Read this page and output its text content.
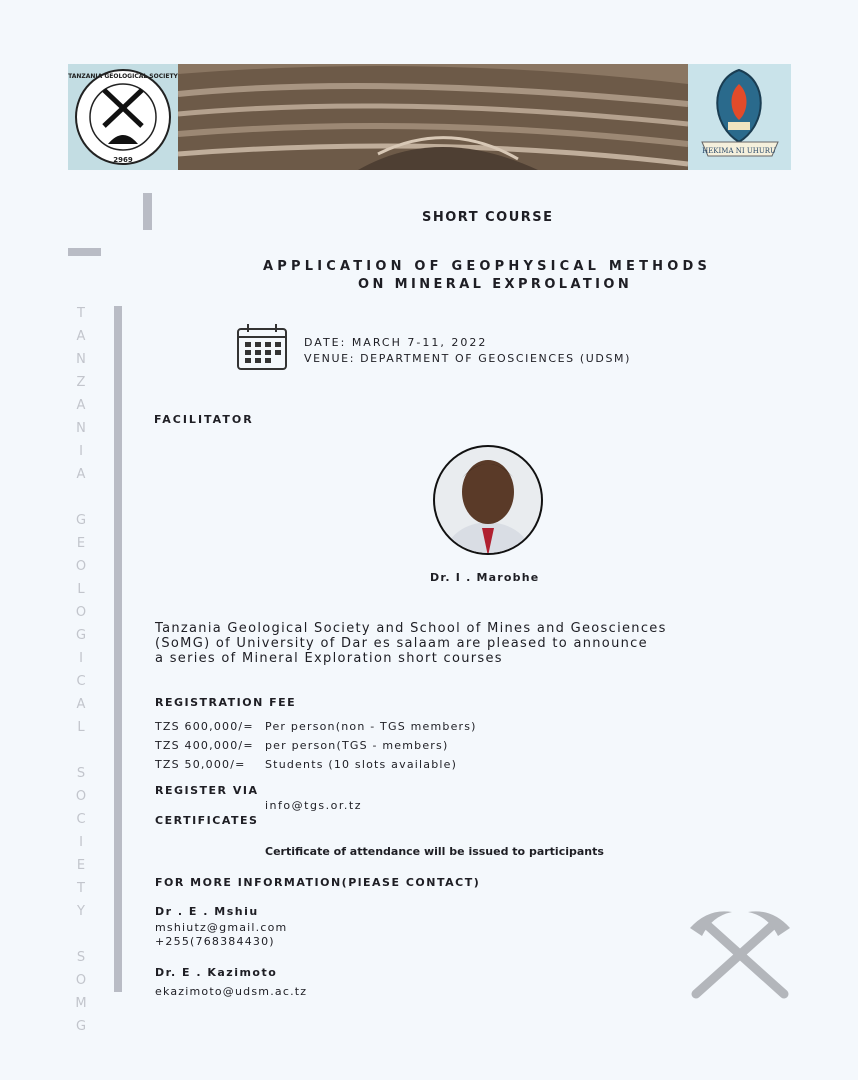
2969
TANZANIA GEOLOGICAL SOCIETY
HEKIMA NI UHURU
T
A
N
Z
A
N
I
A
G
E
O
L
O
G
I
C
A
L
S
O
C
I
E
T
Y
S
O
M
G
SHORT COURSE
APPLICATION OF GEOPHYSICAL METHODS
ON MINERAL EXPROLATION
DATE: MARCH 7-11, 2022
VENUE: DEPARTMENT OF GEOSCIENCES (UDSM)
FACILITATOR
Dr. I . Marobhe
Tanzania Geological Society and School of Mines and Geosciences
(SoMG) of University of Dar es salaam are pleased to announce
a series of Mineral Exploration short courses
REGISTRATION FEE
TZS 600,000/= Per person(non - TGS members)
TZS 400,000/= per person(TGS - members)
TZS 50,000/= Students (10 slots available)
REGISTER VIA
info@tgs.or.tz
CERTIFICATES
Certificate of attendance will be issued to participants
FOR MORE INFORMATION(PlEASE CONTACT)
Dr . E . Mshiu
mshiutz@gmail.com
+255(768384430)
Dr. E . Kazimoto
ekazimoto@udsm.ac.tz
